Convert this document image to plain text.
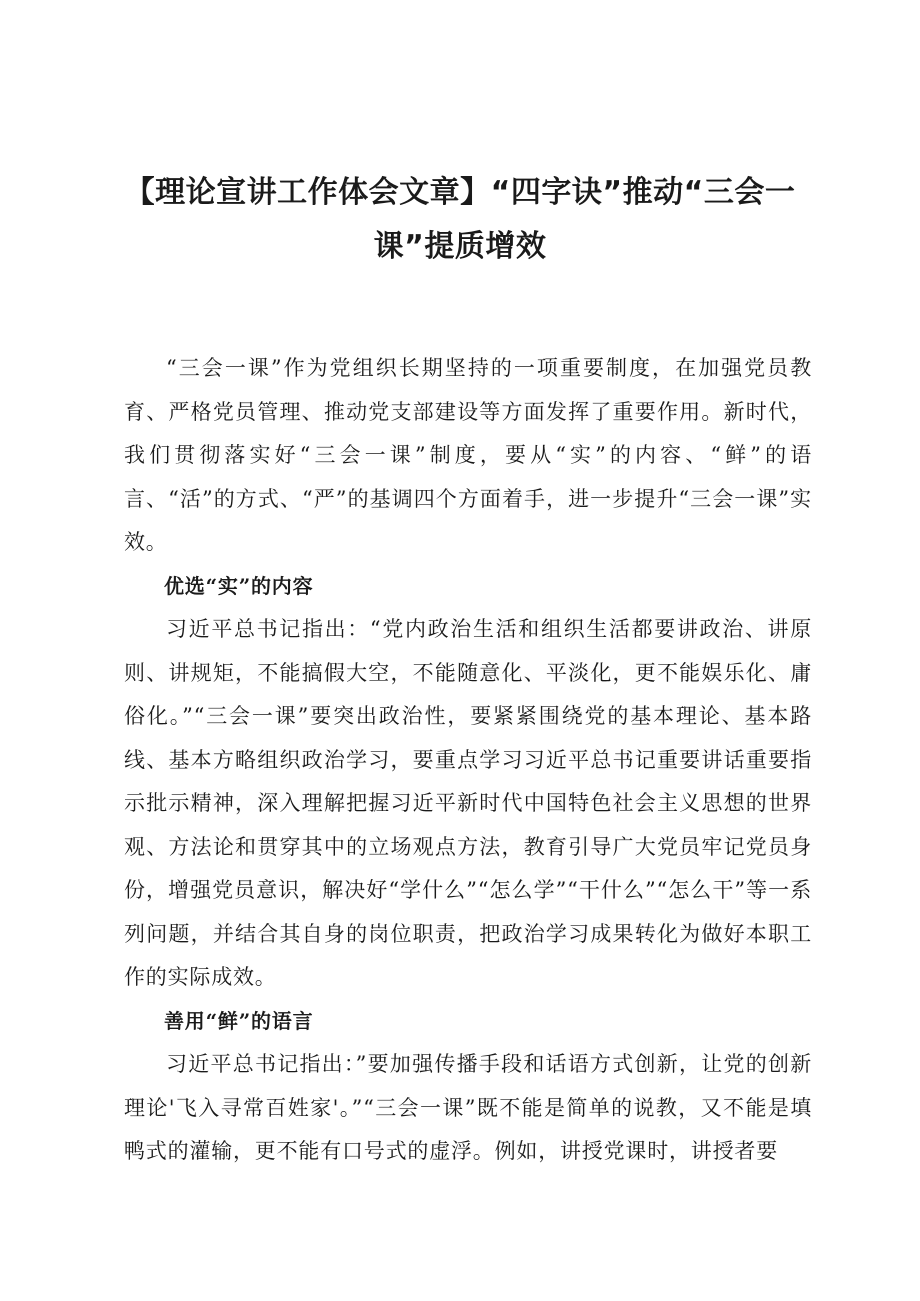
【理论宣讲工作体会文章】“四字诀”推动“三会一课”提质增效

“三会一课”作为党组织长期坚持的一项重要制度，在加强党员教育、严格党员管理、推动党支部建设等方面发挥了重要作用。新时代，我们贯彻落实好“三会一课”制度，要从“实”的内容、“鲜”的语言、“活”的方式、“严”的基调四个方面着手，进一步提升“三会一课”实效。

优选“实”的内容

习近平总书记指出：“党内政治生活和组织生活都要讲政治、讲原则、讲规矩，不能搞假大空，不能随意化、平淡化，更不能娱乐化、庸俗化。”“三会一课”要突出政治性，要紧紧围绕党的基本理论、基本路线、基本方略组织政治学习，要重点学习习近平总书记重要讲话重要指示批示精神，深入理解把握习近平新时代中国特色社会主义思想的世界观、方法论和贯穿其中的立场观点方法，教育引导广大党员牢记党员身份，增强党员意识，解决好“学什么”“怎么学”“干什么”“怎么干”等一系列问题，并结合其自身的岗位职责，把政治学习成果转化为做好本职工作的实际成效。

善用“鲜”的语言

习近平总书记指出：”要加强传播手段和话语方式创新，让党的创新理论'飞入寻常百姓家'。”“三会一课”既不能是简单的说教，又不能是填鸭式的灌输，更不能有口号式的虚浮。例如，讲授党课时，讲授者要
